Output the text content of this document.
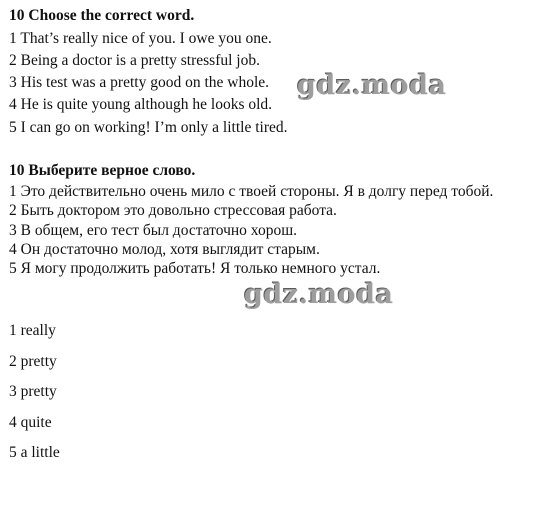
10 Choose the correct word.
1 That’s really nice of you. I owe you one.
2 Being a doctor is a pretty stressful job.
3 His test was a pretty good on the whole.
4 He is quite young although he looks old.
5 I can go on working! I’m only a little tired.
10 Выберите верное слово.
1 Это действительно очень мило с твоей стороны. Я в долгу перед тобой.
2 Быть доктором это довольно стрессовая работа.
3 В общем, его тест был достаточно хорош.
4 Он достаточно молод, хотя выглядит старым.
5 Я могу продолжить работать! Я только немного устал.
1 really
2 pretty
3 pretty
4 quite
5 a little
gdz.moda
gdz.moda
